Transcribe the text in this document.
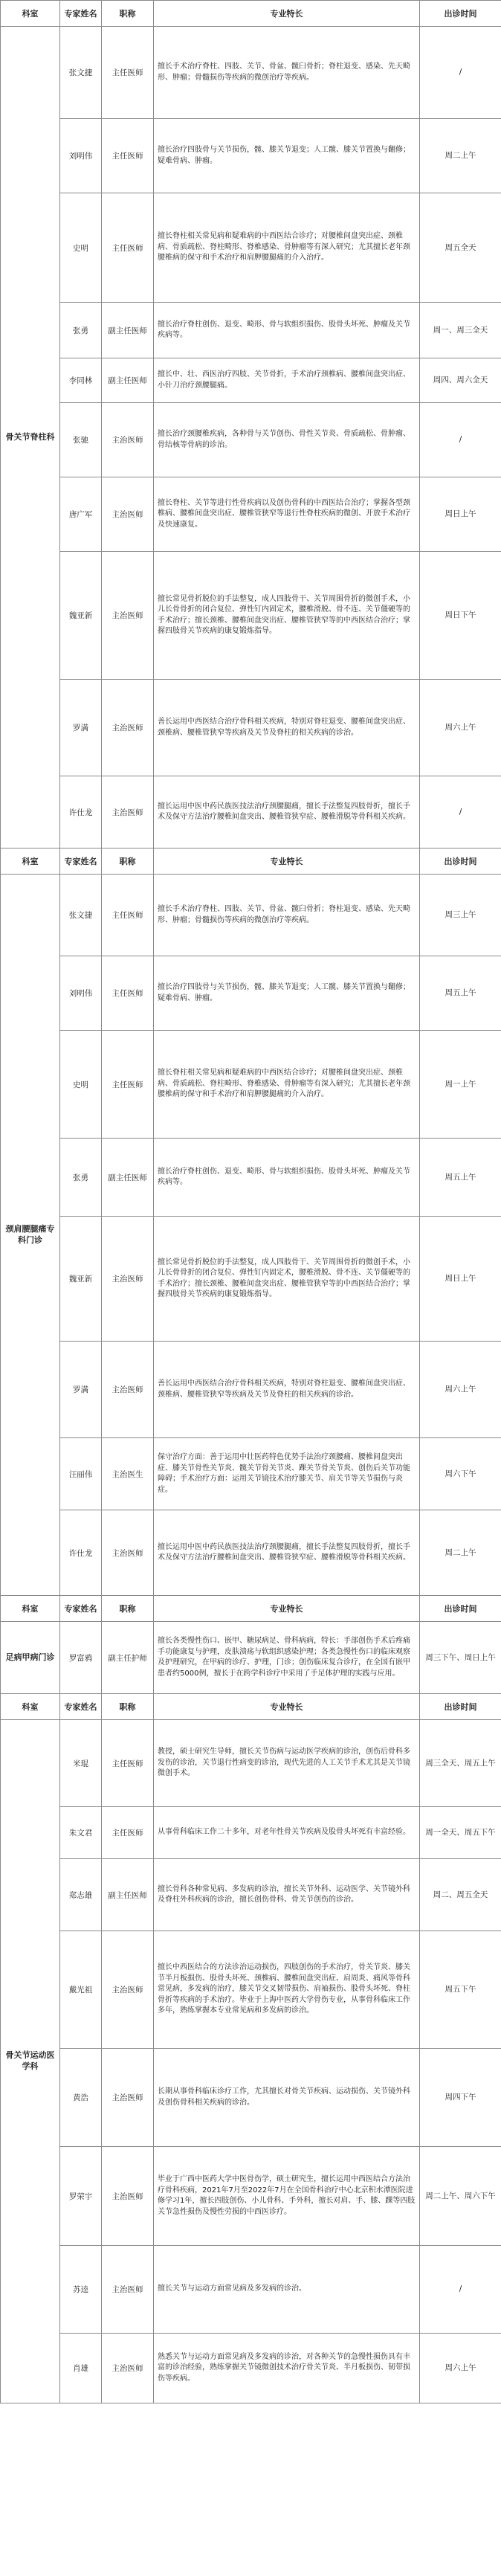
科室	专家姓名	职称	专业特长	出诊时间
骨关节脊柱科	张文捷	主任医师	擅长手术治疗脊柱、四肢、关节、骨盆、髋臼骨折；脊柱退变、感染、先天畸形、肿瘤；骨髓损伤等疾病的微创治疗等疾病。	/
	刘明伟	主任医师	擅长治疗四肢骨与关节损伤，髋、膝关节退变；人工髋、膝关节置换与翻修；疑难骨病、肿瘤。	周二上午
	史明	主任医师	擅长脊柱相关常见病和疑难病的中西医结合诊疗；对腰椎间盘突出症、颈椎病、骨质疏松、脊柱畸形、脊椎感染、骨肿瘤等有深入研究；尤其擅长老年颈腰椎病的保守和手术治疗和肩胛腰腿痛的介入治疗。	周五全天
	张勇	副主任医师	擅长治疗脊柱创伤、退变、畸形、骨与软组织损伤、股骨头坏死、肿瘤及关节疾病等。	周一、周三全天
	李同林	副主任医师	擅长中、壮、西医治疗四肢、关节骨折，手术治疗颈椎病、腰椎间盘突出症、小针刀治疗颈腰腿痛。	周四、周六全天
	张驰	主治医师	擅长治疗颈腰椎疾病，各种骨与关节创伤、骨性关节炎、骨质疏松、骨肿瘤、骨结核等骨病的诊治。	/
	唐广军	主治医师	擅长脊柱、关节等进行性骨疾病以及创伤骨科的中西医结合治疗；掌握各型颈椎病、腰椎间盘突出症、腰椎管狭窄等退行性脊柱疾病的微创、开放手术治疗及快速康复。	周日上午
	魏亚新	主治医师	擅长常见骨折脱位的手法整复，成人四肢骨干、关节周围骨折的微创手术，小儿长骨骨折的闭合复位、弹性钉内固定术，腰椎滑脱、骨不连、关节僵硬等的手术治疗；擅长颈椎、腰椎间盘突出症、腰椎管狭窄等的中西医结合治疗；掌握四肢骨关节疾病的康复锻炼指导。	周日下午
	罗满	主治医师	善长运用中西医结合治疗骨科相关疾病，特别对脊柱退变、腰椎间盘突出症、颈椎病、腰椎管狭窄等疾病及关节及脊柱的相关疾病的诊治。	周六上午
	许仕龙	主治医师	擅长运用中医中药民族医技法治疗颈腰腿痛，擅长手法整复四肢骨折，擅长手术及保守方法治疗腰椎间盘突出、腰椎管狭窄症、腰椎滑脱等骨科相关疾病。	/
科室	专家姓名	职称	专业特长	出诊时间
颈肩腰腿痛专科门诊	张文捷	主任医师	擅长手术治疗脊柱、四肢、关节、骨盆、髋臼骨折；脊柱退变、感染、先天畸形、肿瘤；骨髓损伤等疾病的微创治疗等疾病。	周三上午
	刘明伟	主任医师	擅长治疗四肢骨与关节损伤，髋、膝关节退变；人工髋、膝关节置换与翻修；疑难骨病、肿瘤。	周五上午
	史明	主任医师	擅长脊柱相关常见病和疑难病的中西医结合诊疗；对腰椎间盘突出症、颈椎病、骨质疏松、脊柱畸形、脊椎感染、骨肿瘤等有深入研究；尤其擅长老年颈腰椎病的保守和手术治疗和肩胛腰腿痛的介入治疗。	周一上午
	张勇	副主任医师	擅长治疗脊柱创伤、退变、畸形、骨与软组织损伤、股骨头坏死、肿瘤及关节疾病等。	周五上午
	魏亚新	主治医师	擅长常见骨折脱位的手法整复，成人四肢骨干、关节周围骨折的微创手术，小儿长骨骨折的闭合复位、弹性钉内固定术，腰椎滑脱、骨不连、关节僵硬等的手术治疗；擅长颈椎、腰椎间盘突出症、腰椎管狭窄等的中西医结合治疗；掌握四肢骨关节疾病的康复锻炼指导。	周日上午
	罗满	主治医师	善长运用中西医结合治疗骨科相关疾病，特别对脊柱退变、腰椎间盘突出症、颈椎病、腰椎管狭窄等疾病及关节及脊柱的相关疾病的诊治。	周六上午
	汪丽伟	主治医生	保守治疗方面：善于运用中壮医药特色优势手法治疗颈腰痛、腰椎间盘突出症、膝关节骨性关节炎、髋关节骨关节炎、踝关节骨关节炎、创伤后关节功能障碍；手术治疗方面：运用关节镜技术治疗膝关节、肩关节等关节损伤与炎症。	周六下午
	许仕龙	主治医师	擅长运用中医中药民族医技法治疗颈腰腿痛，擅长手法整复四肢骨折，擅长手术及保守方法治疗腰椎间盘突出、腰椎管狭窄症、腰椎滑脱等骨科相关疾病。	周二上午
科室	专家姓名	职称	专业特长	出诊时间
足病甲病门诊	罗富鸦	副主任护师	擅长各类慢性伤口、嵌甲、糖尿病足、骨科病病，特长：手部创伤手术后疼痛手功能康复与护理，皮肤溃疡与软组织感染护理；各类急慢性伤口的临床观察及护理研究，在甲病的诊疗、护理，门诊；创伤临床复合诊疗，在全国有嵌甲患者约5000例，擅长于在跨学科诊疗中采用了手足体护理的实践与应用。	周三下午、周日上午
科室	专家姓名	职称	专业特长	出诊时间
骨关节运动医学科	米琨	主任医师	教授，硕士研究生导师，擅长关节伤病与运动医学疾病的诊治，创伤后骨科多发伤的诊治，关节退行性病变的诊治，现代先进的人工关节手术尤其是关节镜微创手术。	周三全天、周五上午
	朱文君	主任医师	从事骨科临床工作二十多年，对老年性骨关节疾病及股骨头坏死有丰富经验。	周一全天、周五下午
	郑志雄	副主任医师	擅长骨科各种常见病、多发病的诊治，擅长关节外科、运动医学、关节镜外科及脊柱外科疾病的诊治，擅长创伤骨科、骨关节创伤的诊治。	周二、周五全天
	戴光祖	主治医师	擅长中西医结合的方法诊治运动损伤，四肢创伤的手术治疗，骨关节炎、膝关节半月板损伤、股骨头坏死、颈椎病、腰椎间盘突出症、肩周炎、痛风等骨科常见病，多发病的治疗，膝关节交叉韧带损伤、肩袖损伤、股骨头坏死、脊柱骨折等疾病的手术治疗。毕业于上海中医药大学骨伤专业，从事骨科临床工作多年，熟练掌握本专业常见病和多发病的诊治。	周五下午
	黄浩	主治医师	长期从事骨科临床诊疗工作，尤其擅长对骨关节疾病、运动损伤、关节镜外科及创伤骨科相关疾病的诊治。	周四下午
	罗荣宇	主治医师	毕业于广西中医药大学中医骨伤学，硕士研究生，擅长运用中西医结合方法治疗骨科疾病，2021年7月至2022年7月在全国骨科治疗中心北京积水潭医院进修学习1年，擅长四肢创伤、小儿骨科、手外科，擅长对肩、手、膝、踝等四肢关节急性损伤及慢性劳损的中西医诊疗。	周二上午、周六下午
	苏逵	主治医师	擅长关节与运动方面常见病及多发病的诊治。	/
	肖雄	主治医师	熟悉关节与运动方面常见病及多发病的诊治，对各种关节的急慢性损伤具有丰富的诊治经验，熟练掌握关节镜微创技术治疗骨关节炎、半月板损伤、韧带损伤等疾病。	周六上午
